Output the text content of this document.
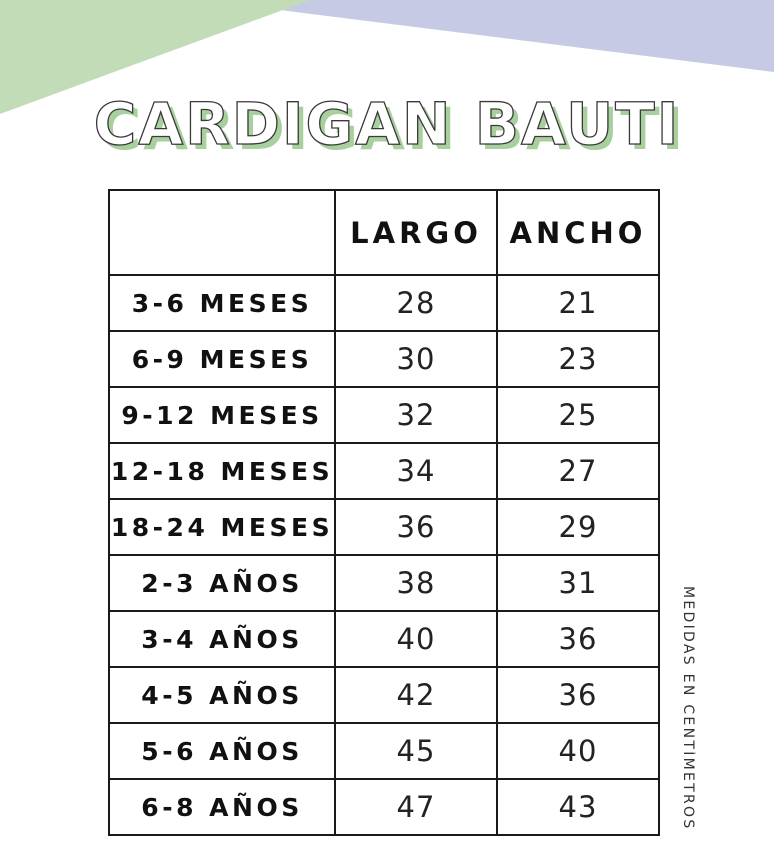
CARDIGAN BAUTI
	LARGO	ANCHO
3-6 MESES	28	21
6-9 MESES	30	23
9-12 MESES	32	25
12-18 MESES	34	27
18-24 MESES	36	29
2-3 AÑOS	38	31
3-4 AÑOS	40	36
4-5 AÑOS	42	36
5-6 AÑOS	45	40
6-8 AÑOS	47	43	MEDIDAS EN CENTÍMETROS
